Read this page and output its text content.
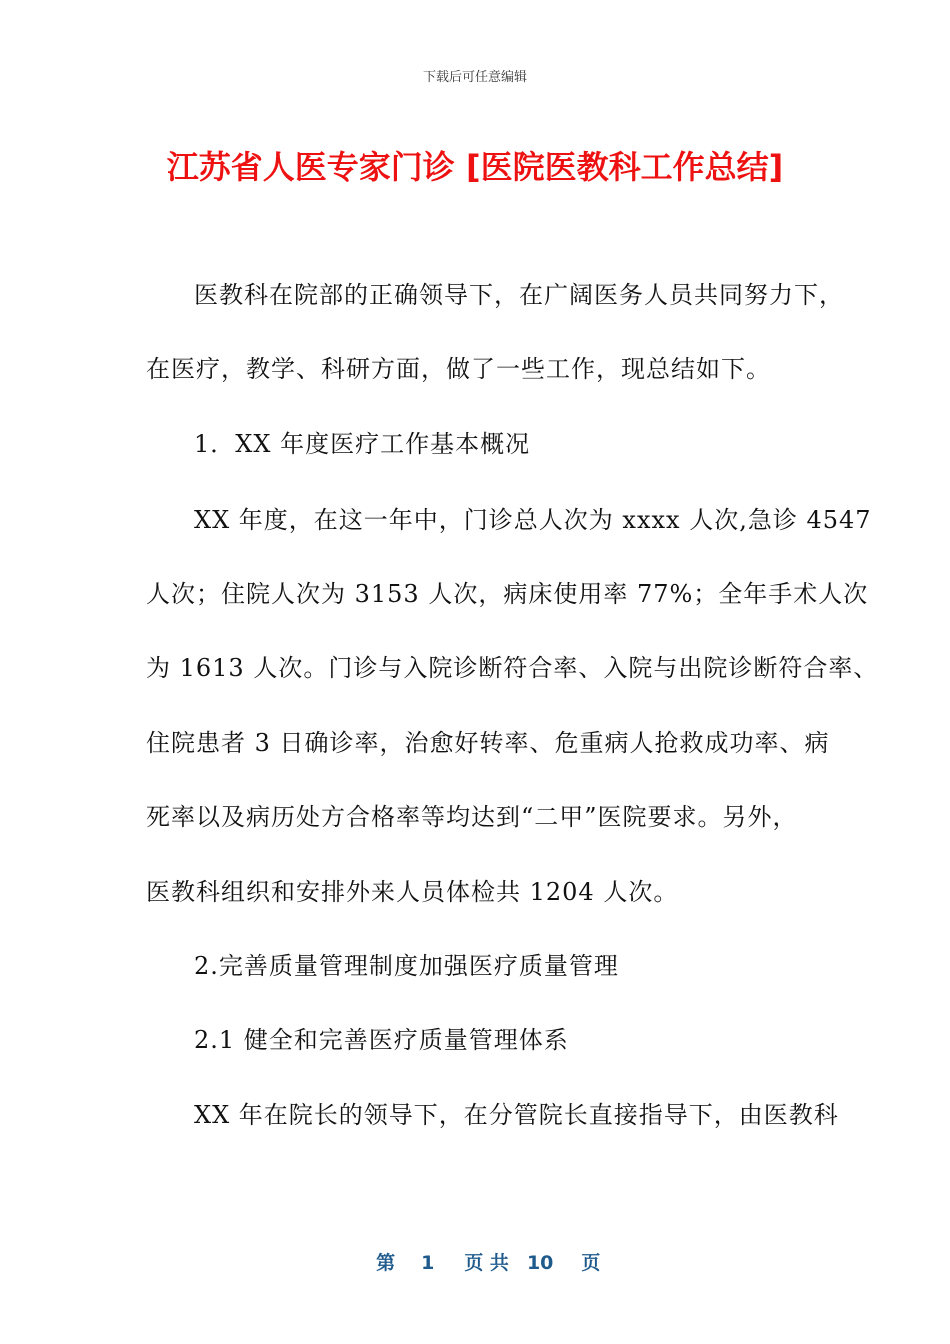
下载后可任意编辑
江苏省人医专家门诊 [医院医教科工作总结]
医教科在院部的正确领导下，在广阔医务人员共同努力下，
在医疗，教学、科研方面，做了一些工作，现总结如下。
1．XX 年度医疗工作基本概况
XX 年度，在这一年中，门诊总人次为 xxxx 人次,急诊 4547
人次；住院人次为 3153 人次，病床使用率 77%；全年手术人次
为 1613 人次。门诊与入院诊断符合率、入院与出院诊断符合率、
住院患者 3 日确诊率，治愈好转率、危重病人抢救成功率、病
死率以及病历处方合格率等均达到“二甲”医院要求。另外，
医教科组织和安排外来人员体检共 1204 人次。
2.完善质量管理制度加强医疗质量管理
2.1 健全和完善医疗质量管理体系
XX 年在院长的领导下，在分管院长直接指导下，由医教科

第 1 页 共 10 页
